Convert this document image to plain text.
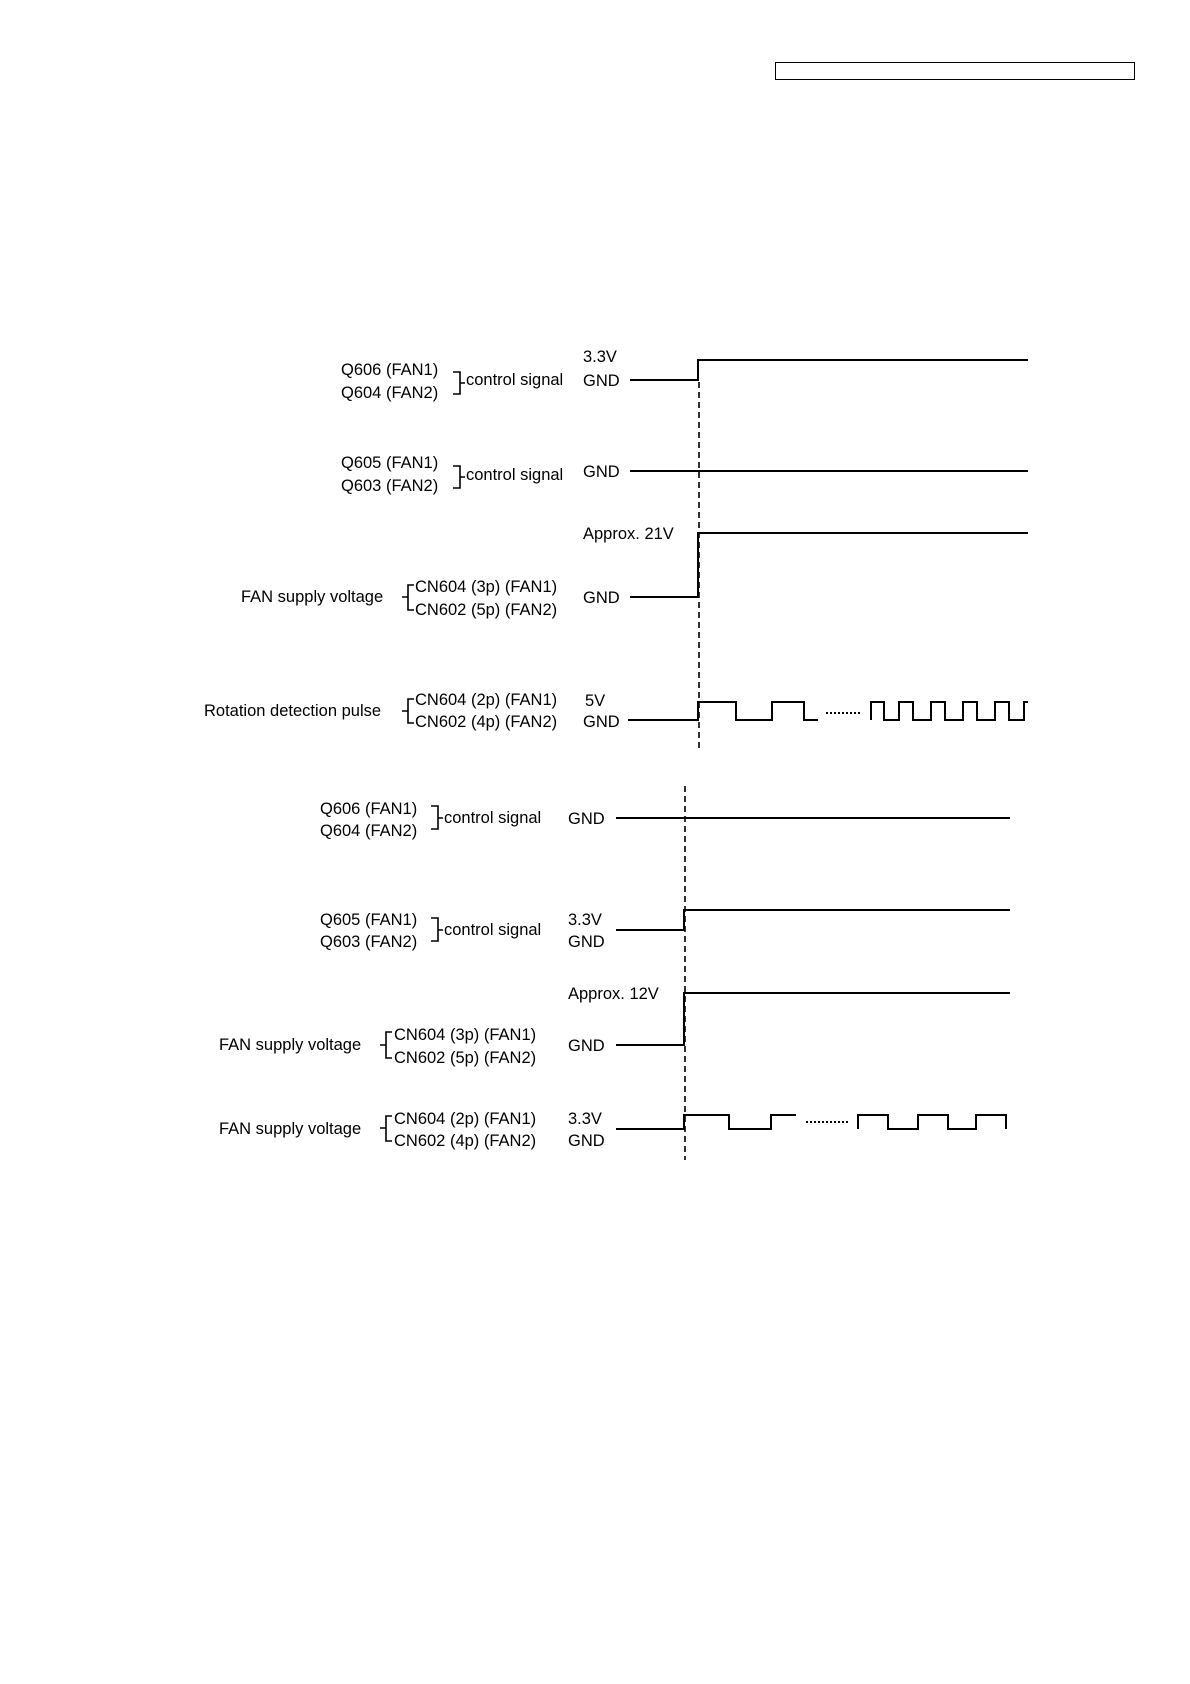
Q606 (FAN1)
Q604 (FAN2)
control signal
3.3V
GND
Q605 (FAN1)
Q603 (FAN2)
control signal GND
FAN supply voltage
CN604 (3p) (FAN1)
CN602 (5p) (FAN2)
Approx. 21V
GND
Rotation detection pulse
CN604 (2p) (FAN1)
CN602 (4p) (FAN2)
5V
GND
Q606 (FAN1)
Q604 (FAN2)
control signal GND
Q605 (FAN1)
Q603 (FAN2)
control signal
3.3V
GND
FAN supply voltage
CN604 (3p) (FAN1)
CN602 (5p) (FAN2)
Approx. 12V
GND
FAN supply voltage
CN604 (2p) (FAN1)
CN602 (4p) (FAN2)
3.3V
GND
